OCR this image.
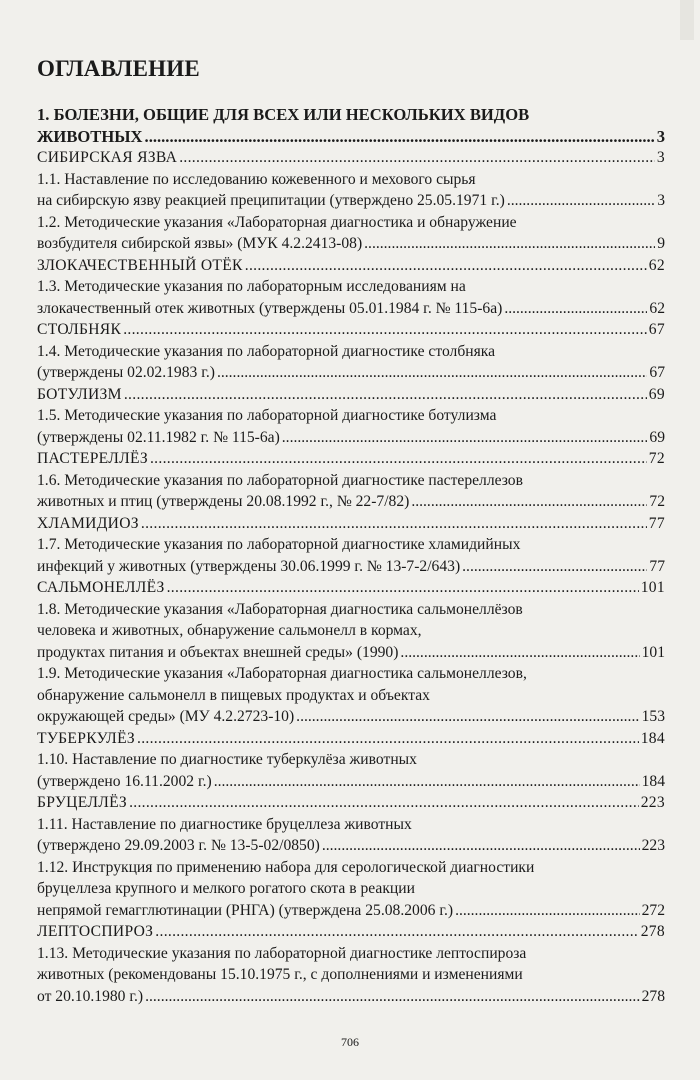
ОГЛАВЛЕНИЕ
1. БОЛЕЗНИ, ОБЩИЕ ДЛЯ ВСЕХ ИЛИ НЕСКОЛЬКИХ ВИДОВ
ЖИВОТНЫХ .....	3
СИБИРСКАЯ ЯЗВА .....	3
1.1. Наставление по исследованию кожевенного и мехового сырья
на сибирскую язву реакцией преципитации (утверждено 25.05.1971 г.) .....	3
1.2. Методические указания «Лабораторная диагностика и обнаружение
возбудителя сибирской язвы» (МУК 4.2.2413-08) .....	9
ЗЛОКАЧЕСТВЕННЫЙ ОТЁК .....	62
1.3. Методические указания по лабораторным исследованиям на
злокачественный отек животных (утверждены 05.01.1984 г. № 115-6а) .....	62
СТОЛБНЯК .....	67
1.4. Методические указания по лабораторной диагностике столбняка
(утверждены 02.02.1983 г.) .....	67
БОТУЛИЗМ .....	69
1.5. Методические указания по лабораторной диагностике ботулизма
(утверждены 02.11.1982 г. № 115-6а) .....	69
ПАСТЕРЕЛЛЁЗ .....	72
1.6. Методические указания по лабораторной диагностике пастереллезов
животных и птиц (утверждены 20.08.1992 г., № 22-7/82) .....	72
ХЛАМИДИОЗ .....	77
1.7. Методические указания по лабораторной диагностике хламидийных
инфекций у животных (утверждены 30.06.1999 г. № 13-7-2/643) .....	77
САЛЬМОНЕЛЛЁЗ .....	101
1.8. Методические указания «Лабораторная диагностика сальмонеллёзов
человека и животных, обнаружение сальмонелл в кормах,
продуктах питания и объектах внешней среды» (1990) .....	101
1.9. Методические указания «Лабораторная диагностика сальмонеллезов,
обнаружение сальмонелл в пищевых продуктах и объектах
окружающей среды» (МУ 4.2.2723-10) .....	153
ТУБЕРКУЛЁЗ .....	184
1.10. Наставление по диагностике туберкулёза животных
(утверждено 16.11.2002 г.) .....	184
БРУЦЕЛЛЁЗ .....	223
1.11. Наставление по диагностике бруцеллеза животных
(утверждено 29.09.2003 г. № 13-5-02/0850) .....	223
1.12. Инструкция по применению набора для серологической диагностики
бруцеллеза крупного и мелкого рогатого скота в реакции
непрямой гемагглютинации (РНГА) (утверждена 25.08.2006 г.) .....	272
ЛЕПТОСПИРОЗ .....	278
1.13. Методические указания по лабораторной диагностике лептоспироза
животных (рекомендованы 15.10.1975 г., с дополнениями и изменениями
от 20.10.1980 г.) .....	278
706
